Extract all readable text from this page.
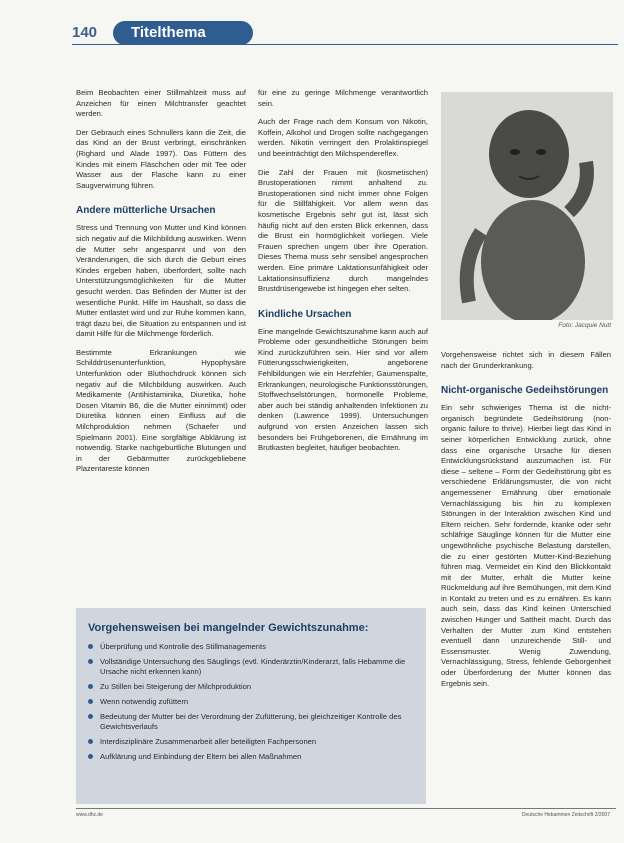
140	Titelthema

Beim Beobachten einer Stillmahlzeit muss auf Anzeichen für einen Milchtransfer geachtet werden.

Der Gebrauch eines Schnullers kann die Zeit, die das Kind an der Brust verbringt, einschränken (Righard und Alade 1997). Das Füttern des Kindes mit einem Fläschchen oder mit Tee oder Wasser aus der Flasche kann zu einer Saugverwirrung führen.

Andere mütterliche Ursachen

Stress und Trennung von Mutter und Kind können sich negativ auf die Milchbildung auswirken. Wenn die Mutter sehr angespannt und von den Veränderungen, die sich durch die Geburt eines Kindes ergeben haben, überfordert, sollte nach Unterstützungsmöglichkeiten für die Mutter gesucht werden. Das Befinden der Mutter ist der wesentliche Punkt. Hilfe im Haushalt, so dass die Mutter entlastet wird und zur Ruhe kommen kann, trägt dazu bei, die Situation zu entspannen und ist damit Hilfe für die Milchmenge förderlich.

Bestimmte Erkrankungen wie Schilddrüsenunterfunktion, Hypophysäre Unterfunktion oder Bluthochdruck können sich negativ auf die Milchbildung auswirken. Auch Medikamente (Antihistaminika, Diuretika, hohe Dosen Vitamin B6, die die Mutter einnimmt) oder Diuretika können einen Einfluss auf die Milchproduktion nehmen (Schaefer und Spielmann 2001). Eine sorgfältige Abklärung ist notwendig. Starke nachgeburtliche Blutungen und in der Gebärmutter zurückgebliebene Plazentareste können

für eine zu geringe Milchmenge verantwortlich sein.

Auch der Frage nach dem Konsum von Nikotin, Koffein, Alkohol und Drogen sollte nachgegangen werden. Nikotin verringert den Prolaktinspiegel und beeinträchtigt den Milchspendereflex.

Die Zahl der Frauen mit (kosmetischen) Brustoperationen nimmt anhaltend zu. Brustoperationen sind nicht immer ohne Folgen für die Stillfähigkeit. Vor allem wenn das kosmetische Ergebnis sehr gut ist, lässt sich häufig nicht auf den ersten Blick erkennen, dass die Brust ein hormöglichkeit vorliegen. Viele Frauen sprechen ungern über ihre Operation. Dieses Thema muss sehr sensibel angesprochen werden. Eine primäre Laktationsunfähigkeit oder Laktationsinsuffizienz durch mangelndes Brustdrüsengewebe ist hingegen eher selten.

Kindliche Ursachen

Eine mangelnde Gewichtszunahme kann auch auf Probleme oder gesundheitliche Störungen beim Kind zurückzuführen sein. Hier sind vor allem Fütterungsschwierigkeiten, angeborene Fehlbildungen wie ein Herzfehler, Gaumenspalte, Erkrankungen, neurologische Funktionsstörungen, Stoffwechselstörungen, hormonelle Probleme, aber auch bei ständig anhaltenden Infektionen zu denken (Lawrence 1999). Untersuchungen aufgrund von ersten Anzeichen lassen sich besonders bei Frühgeborenen, die Ernährung im Brutkasten begleitet, häufiger beobachten.

Foto: Jacquie Nutt

Vorgehensweise richtet sich in diesem Fällen nach der Grunderkrankung.

Nicht-organische Gedeihstörungen

Ein sehr schwieriges Thema ist die nicht-organisch begründete Gedeihstörung (non-organic failure to thrive). Hierbei liegt das Kind in seiner körperlichen Entwicklung zurück, ohne dass eine organische Ursache für diesen Entwicklungsrückstand auszumachen ist. Für diese – seltene – Form der Gedeihstörung gibt es verschiedene Erklärungsmuster, die von nicht angemessener Ernährung über emotionale Vernachlässigung bis hin zu komplexen Störungen in der Interaktion zwischen Kind und Eltern reichen. Sehr fordernde, kranke oder sehr schläfrige Säuglinge können für die Mutter eine ungewöhnliche psychische Belastung darstellen, die zu einer gestörten Mutter-Kind-Beziehung führen mag. Vermeidet ein Kind den Blickkontakt mit der Mutter, erhält die Mutter keine Rückmeldung auf ihre Bemühungen, mit dem Kind in Kontakt zu treten und es zu ernähren. Es kann auch sein, dass das Kind keinen Unterschied zwischen Hunger und Sattheit macht. Durch das Verhalten der Mutter zum Kind entstehen eventuell dann unzureichende Still- und Essensmuster. Wenig Zuwendung, Vernachlässigung, Stress, fehlende Geborgenheit oder Überforderung der Mutter können das Ergebnis sein.

Vorgehensweisen bei mangelnder Gewichtszunahme:
Überprüfung und Kontrolle des Stillmanagements
Vollständige Untersuchung des Säuglings (evtl. Kinderärztin/Kinderarzt, falls Hebamme die Ursache nicht erkennen kann)
Zu Stillen bei Steigerung der Milchproduktion
Wenn notwendig zufüttern
Bedeutung der Mutter bei der Verordnung der Zufütterung, bei gleichzeitiger Kontrolle des Gewichtsverlaufs
Interdisziplinäre Zusammenarbeit aller beteiligten Fachpersonen
Aufklärung und Einbindung der Eltern bei allen Maßnahmen
www.dhz.de	Deutsche Hebammen Zeitschrift 2/2007
